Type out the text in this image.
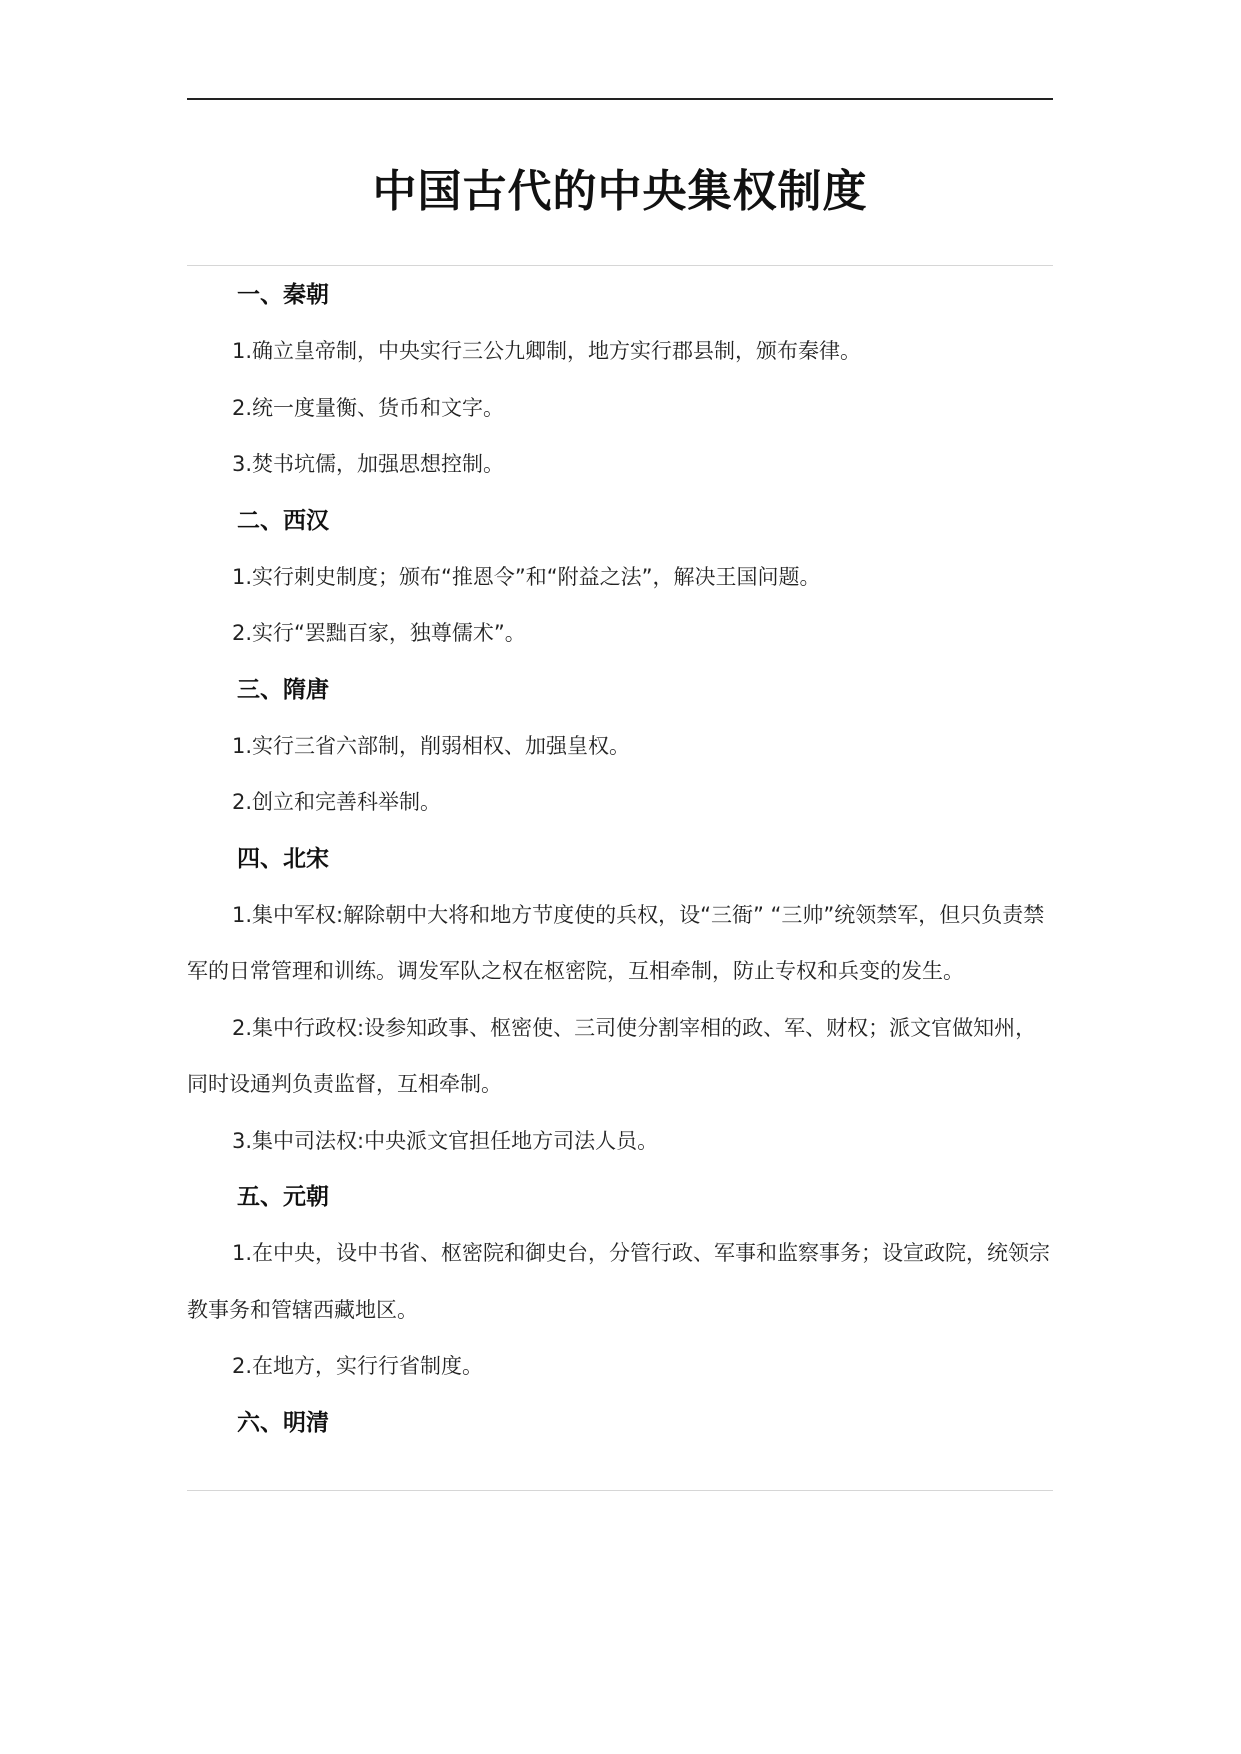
中国古代的中央集权制度
一、秦朝

1.确立皇帝制，中央实行三公九卿制，地方实行郡县制，颁布秦律。

2.统一度量衡、货币和文字。

3.焚书坑儒，加强思想控制。

二、西汉

1.实行刺史制度；颁布“推恩令”和“附益之法”，解决王国问题。

2.实行“罢黜百家，独尊儒术”。

三、隋唐

1.实行三省六部制，削弱相权、加强皇权。

2.创立和完善科举制。

四、北宋

1.集中军权:解除朝中大将和地方节度使的兵权，设“三衙” “三帅”统领禁军，但只负责禁军的日常管理和训练。调发军队之权在枢密院，互相牵制，防止专权和兵变的发生。

2.集中行政权:设参知政事、枢密使、三司使分割宰相的政、军、财权；派文官做知州，同时设通判负责监督，互相牵制。

3.集中司法权:中央派文官担任地方司法人员。

五、元朝

1.在中央，设中书省、枢密院和御史台，分管行政、军事和监察事务；设宣政院，统领宗教事务和管辖西藏地区。

2.在地方，实行行省制度。

六、明清
